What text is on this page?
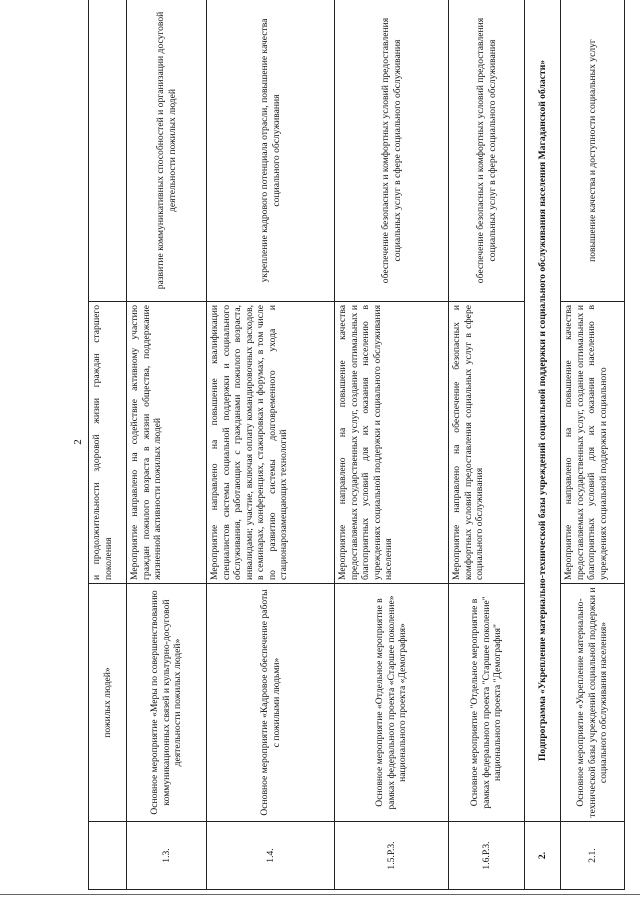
2
	пожилых людей»	и продолжительности здоровой жизни граждан старшего поколения	
1.3.	Основное мероприятие «Меры по совершенствованию коммуникационных связей и культурно-досуговой деятельности пожилых людей»	Мероприятие направлено на содействие активному участию граждан пожилого возраста в жизни общества, поддержание жизненной активности пожилых людей	развитие коммуникативных способностей и организации досуговой деятельности пожилых людей
1.4.	Основное мероприятие «Кадровое обеспечение работы с пожилыми людьми»	Мероприятие направлено на повышение квалификации специалистов системы социальной поддержки и социального обслуживания, работающих с гражданами пожилого возраста, инвалидами; участие, включая оплату командировочных расходов, в семинарах, конференциях, стажировках и форумах, в том числе по развитию системы долговременного ухода и стационарозамещающих технологий	укрепление кадрового потенциала отрасли, повышение качества социального обслуживания
1.5.Р.3.	Основное мероприятие «Отдельное мероприятие в рамках федерального проекта «Старшее поколение» национального проекта «Демография»	Мероприятие направлено на повышение качества предоставляемых государственных услуг, создание оптимальных и благоприятных условий для их оказания населению в учреждениях социальной поддержки и социального обслуживания населения	обеспечение безопасных и комфортных условий предоставления социальных услуг в сфере социального обслуживания
1.6.Р.3.	Основное мероприятие "Отдельное мероприятие в рамках федерального проекта "Старшее поколение" национального проекта "Демография"	Мероприятие направлено на обеспечение безопасных и комфортных условий предоставления социальных услуг в сфере социального обслуживания	обеспечение безопасных и комфортных условий предоставления социальных услуг в сфере социального обслуживания
2.	Подпрограмма «Укрепление материально-технической базы учреждений социальной поддержки и социального обслуживания населения Магаданской области»		
2.1.	Основное мероприятие «Укрепление материально-технической базы учреждений социальной поддержки и социального обслуживания населения»	Мероприятие направлено на повышение качества предоставляемых государственных услуг, создание оптимальных и благоприятных условий для их оказания населению в учреждениях социальной поддержки и социального	повышение качества и доступности социальных услуг
